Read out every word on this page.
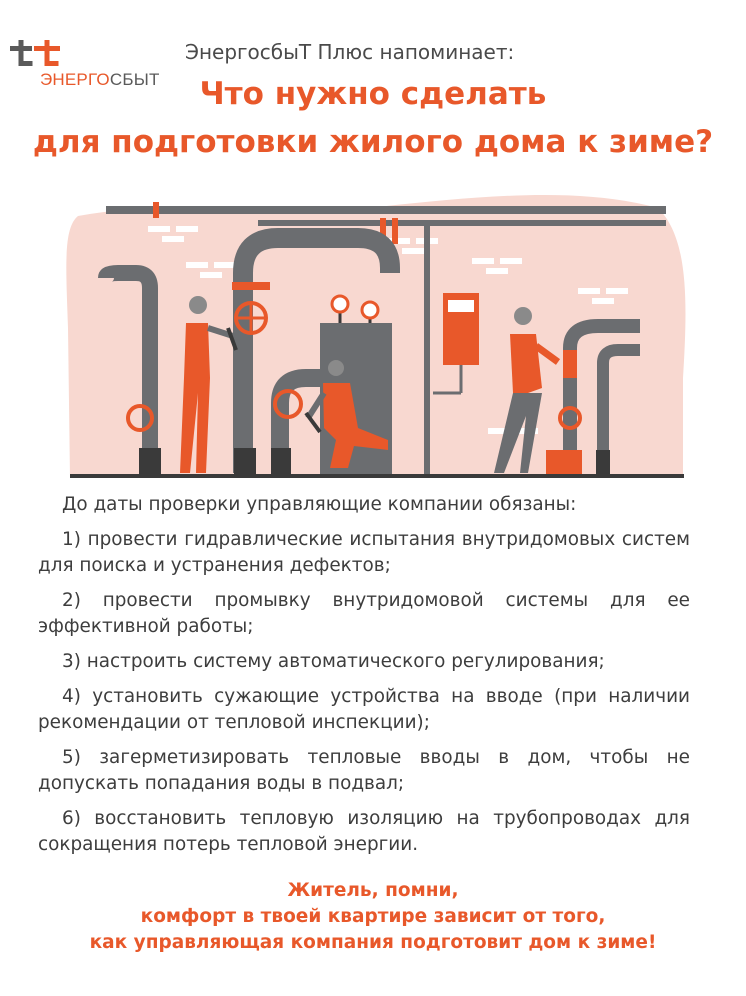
ЭНЕРГОСБЫТ
ЭнергосбыТ Плюс напоминает:
Что нужно сделать
для подготовки жилого дома к зиме?

До даты проверки управляющие компании обязаны:

1) провести гидравлические испытания внутридомовых систем для поиска и устранения дефектов;

2) провести промывку внутридомовой системы для ее эффективной работы;

3) настроить систему автоматического регулирования;

4) установить сужающие устройства на вводе (при наличии рекомендации от тепловой инспекции);

5) загерметизировать тепловые вводы в дом, чтобы не допускать попадания воды в подвал;

6) восстановить тепловую изоляцию на трубопроводах для сокращения потерь тепловой энергии.

Житель, помни,
комфорт в твоей квартире зависит от того,
как управляющая компания подготовит дом к зиме!
